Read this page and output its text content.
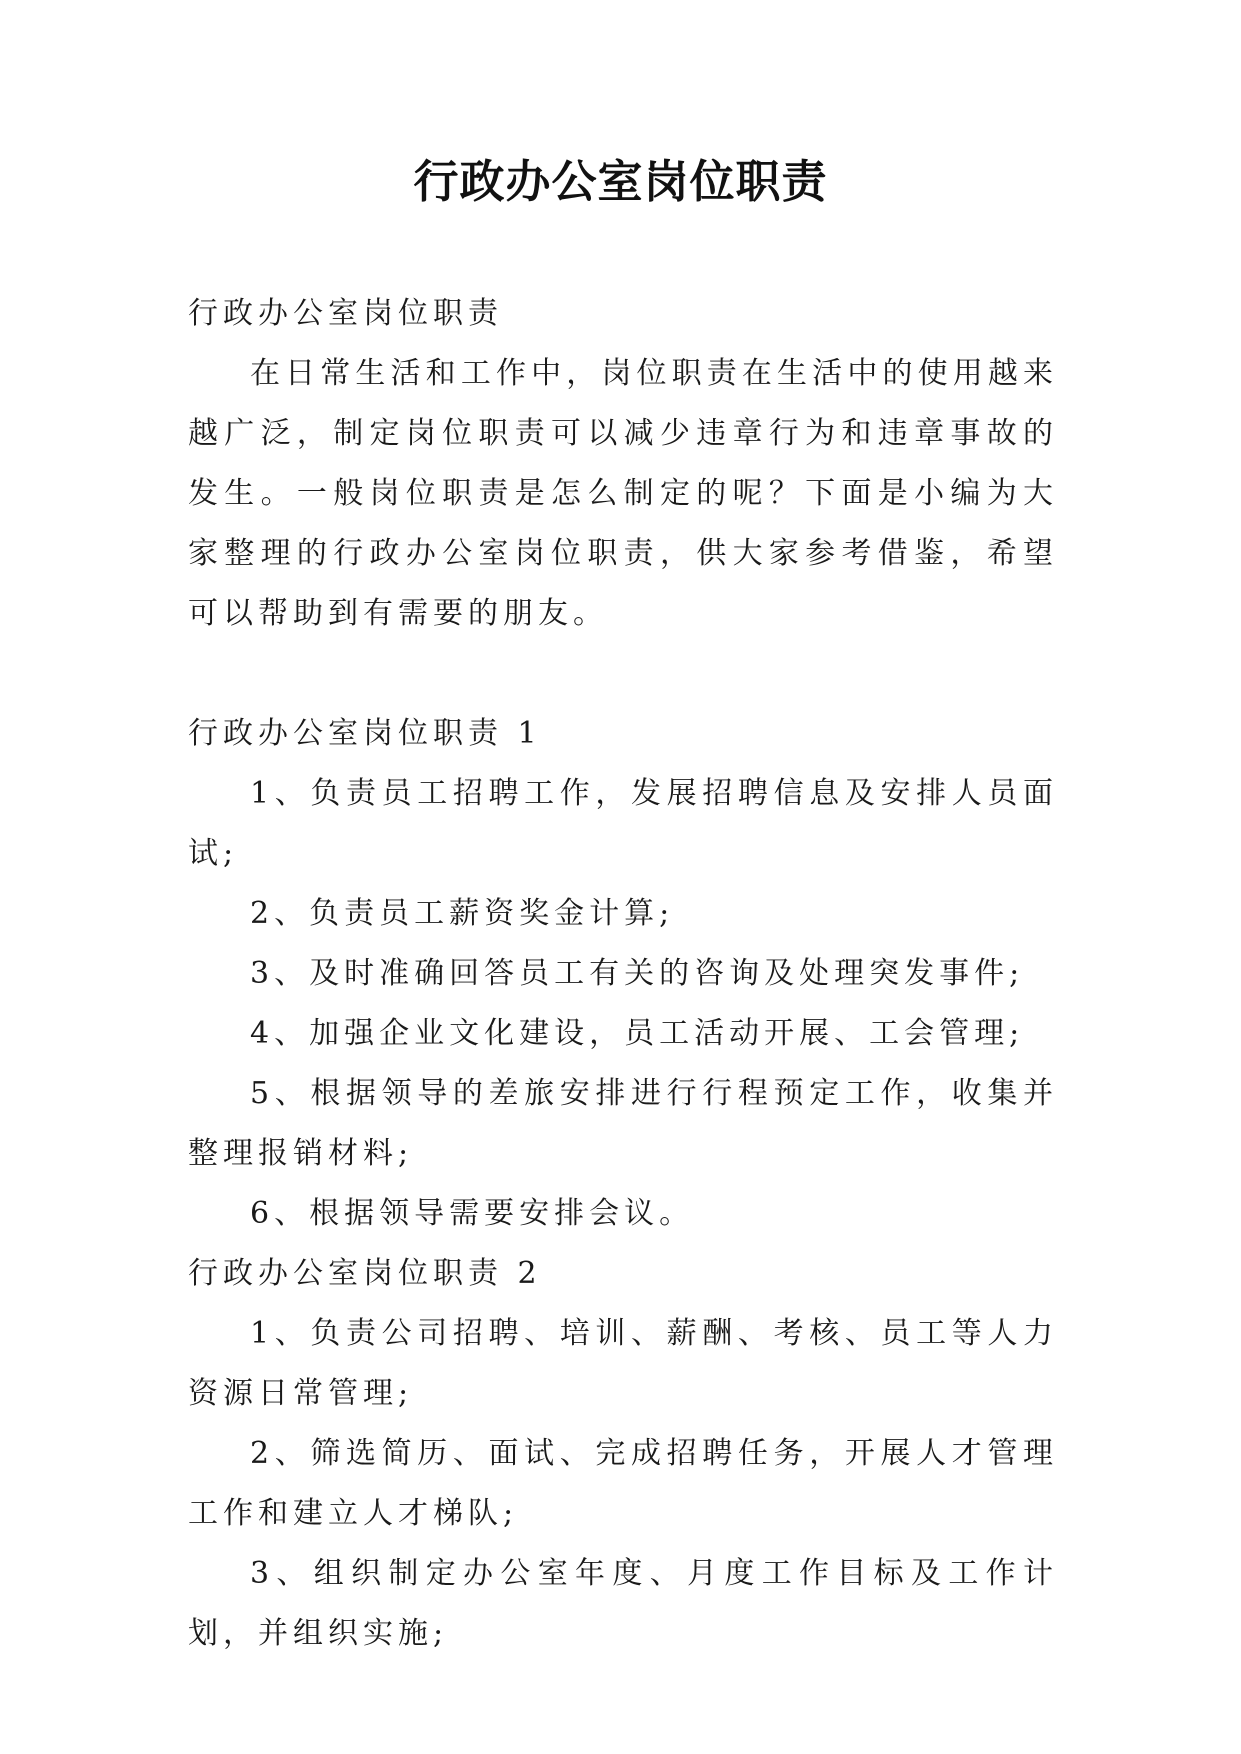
行政办公室岗位职责

行政办公室岗位职责

在日常生活和工作中，岗位职责在生活中的使用越来越广泛，制定岗位职责可以减少违章行为和违章事故的发生。一般岗位职责是怎么制定的呢？下面是小编为大家整理的行政办公室岗位职责，供大家参考借鉴，希望可以帮助到有需要的朋友。

行政办公室岗位职责 1

1、负责员工招聘工作，发展招聘信息及安排人员面试;

2、负责员工薪资奖金计算;

3、及时准确回答员工有关的咨询及处理突发事件;

4、加强企业文化建设，员工活动开展、工会管理;

5、根据领导的差旅安排进行行程预定工作，收集并整理报销材料;

6、根据领导需要安排会议。

行政办公室岗位职责 2

1、负责公司招聘、培训、薪酬、考核、员工等人力资源日常管理;

2、筛选简历、面试、完成招聘任务，开展人才管理工作和建立人才梯队;

3、组织制定办公室年度、月度工作目标及工作计划，并组织实施;
